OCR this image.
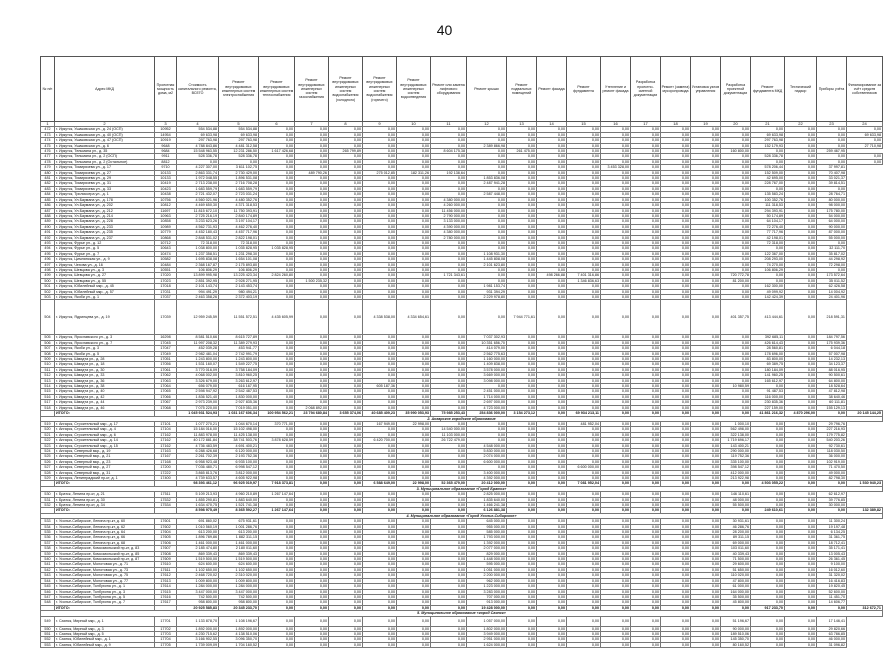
40
№ п/п	Адрес МКД	Проектная мощность дома, м2	Стоимость капитального ремонта, ВСЕГО	Ремонт внутридомовых инженерных систем электроснабжения	Ремонт внутридомовых инженерных систем теплоснабжения	Ремонт внутридомовых инженерных систем газоснабжения	Ремонт внутридомовых инженерных систем водоснабжения (холодного)	Ремонт внутридомовых инженерных систем водоснабжения (горячего)	Ремонт внутридомовых инженерных систем водоотведения	Ремонт или замена лифтового оборудования	Ремонт крыши	Ремонт подвальных помещений	Ремонт фасада	Ремонт фундамента	Утепление и ремонт фасада	Разработка проектно-сметной документации	Ремонт (замена) мусоропровода	Установка узлов управления	Разработка проектной документации	Ремонт фундамента МКД	Технический надзор	Приборы учёта	Финансирование за счёт средств собственников
1	2	3	4	5	6	7	8	9	10	11	12	13	14	15	16	17	18	19	20	21	22	23	24
472	г. Иркутск, Ушаковская ул., д. 24 (ОСП)	10952	554 534,88	554 534,88	0,00	0,00	0,00	0,00	0,00	0,00	0,00	0,00	0,00	0,00	0,00	0,00	0,00	0,00	0,00	0,00	0,00	0,00	0,00
473	г. Иркутск, Ушаковская ул., д. 40 (ОСП)	14954	69 633,98	69 633,98	0,00	0,00	0,00	0,00	0,00	0,00	0,00	0,00	0,00	0,00	0,00	0,00	0,00	0,00	0,00	69 633,98	0,00	0,00	69 633,98
474	г. Иркутск, Ушаковская ул., д. 47 (ОСП)	10919	297 763,98	297 763,98	0,00	0,00	0,00	0,00	0,00	0,00	0,00	0,00	0,00	0,00	0,00	0,00	0,00	0,00	0,00	297 763,98	0,00	0,00	0,00
475	г. Иркутск, Ушаковская ул., д. 6	9648	4 788 843,86	4 481 312,58	0,00	0,00	0,00	0,00	0,00	0,00	2 389 866,98	0,00	0,00	0,00	0,00	0,00	0,00	0,00	0,00	152 179,93	0,00	0,00	27 710,98
476	г. Иркутск, Тельмана ул., д. 35	9684	15 548 963,55	12 231 286,50	1 617 426,68	0,00	265 799,89	0,00	0,00	8 604 175,38	0,00	261 475,00	0,00	0,00	0,00	0,00	0,00	0,00	160 800,00	0,00	0,00	259 467,95	
477	г. Иркутск, Тельмана ул., д. 2 (ОСП)	9911	528 336,78	528 336,78	0,00	0,00	0,00	0,00	0,00	0,00	0,00	0,00	0,00	0,00	0,00	0,00	0,00	0,00	0,00	528 336,78	0,00	0,00	0,00
478	г. Иркутск, Тельмана ул., д. 2 (Остальное)	8812	0,00	0,00	0,00	0,00	0,00	0,00	0,00	0,00	0,00	0,00	0,00	0,00	0,00	0,00	0,00	0,00	0,00	0,00	0,00	0,00	0,00
479	г. Иркутск, Тимирязева ул., д. 17	9710	4 227 307,00	3 611 102,75	0,00	0,00	0,00	0,00	0,00	0,00	0,00	0,00	0,00	0,00	3 453 328,00	0,00	0,00	0,00	0,00	578 206,44	0,00	37 997,81	
480	г. Иркутск, Тимирязева ул., д. 27	10133	2 863 331,74	2 730 429,00	0,00	489 790,26	0,00	275 012,85	182 311,26	192 138,64	0,00	0,00	0,00	0,00	0,00	0,00	0,00	0,00	0,00	152 509,00	0,00	70 407,98	
481	г. Иркутск, Тимирязева ул., д. 29	10133	1 972 048,55	1 896 531,08	0,00	0,00	0,00	0,00	0,00	0,00	1 853 836,08	0,00	0,00	0,00	0,00	0,00	0,00	0,00	0,00	42 695,00	0,00	33 021,37	
482	г. Иркутск, Тимирязева ул., д. 31	10419	2 713 238,00	2 716 708,28	0,00	0,00	0,00	0,00	0,00	0,00	2 487 941,28	0,00	0,00	0,00	0,00	0,00	0,00	0,00	0,00	228 767,00	0,00	39 814,51	
483	г. Иркутск, Тимирязева ул., д. 33	10423	1 683 559,79	1 683 559,79	0,00	0,00	0,00	0,00	0,00	0,00	0,00	0,00	0,00	0,00	0,00	0,00	0,00	0,00	0,00	0,00	0,00	0,00	
484	г. Иркутск, Трилиссера ул., д. 1	10438	2 721 432,07	2 723 031,24	0,00	0,00	0,00	0,00	0,00	0,00	2 587 448,00	0,00	0,00	0,00	0,00	0,00	0,00	0,00	0,00	135 583,24	0,00	28 764,71	
485	г. Иркутск, Ул.Баумана ул., д. 178	10756	4 560 021,96	4 480 352,76	0,00	0,00	0,00	0,00	0,00	4 380 000,00	0,00	0,00	0,00	0,00	0,00	0,00	0,00	0,00	0,00	100 352,76	0,00	80 000,00	
486	г. Иркутск, Ул.Баумана ул., д. 202	10812	4 469 650,30	4 371 318,53	0,00	0,00	0,00	0,00	0,00	4 260 000,00	0,00	0,00	0,00	0,00	0,00	0,00	0,00	0,00	0,00	111 318,53	0,00	98 000,00	
487	г. Иркутск, Ул.Баумана ул., д. 212	11697	11 815 672,10	11 750 393,91	0,00	0,00	0,00	0,00	0,00	11 456 000,00	0,00	0,00	0,00	0,00	0,00	0,00	0,00	0,00	0,00	294 393,91	0,00	175 780,00	
488	г. Иркутск, Ул.Баумана ул., д. 214	10963	2 725 216,19	2 840 174,89	0,00	0,00	0,00	0,00	0,00	2 790 000,00	0,00	0,00	0,00	0,00	0,00	0,00	0,00	0,00	0,00	50 174,89	0,00	54 000,00	
489	г. Иркутск, Ул.Баумана ул., д. 228	10858	3 233 623,26	3 197 104,17	0,00	0,00	0,00	0,00	0,00	3 133 000,00	0,00	0,00	0,00	0,00	0,00	0,00	0,00	0,00	0,00	64 104,17	0,00	64 000,00	
490	г. Иркутск, Ул.Баумана ул., д. 233	10989	4 562 731,93	4 462 276,40	0,00	0,00	0,00	0,00	0,00	4 390 000,00	0,00	0,00	0,00	0,00	0,00	0,00	0,00	0,00	0,00	72 276,40	0,00	90 000,00	
491	г. Иркутск, Ул.Баумана ул., д. 235	10779	4 452 180,43	4 457 717,96	0,00	0,00	0,00	0,00	0,00	4 380 000,00	0,00	0,00	0,00	0,00	0,00	0,00	0,00	0,00	0,00	77 717,96	0,00	87 000,00	
492	г. Иркутск, Ул.Баумана ул., д. 237	10868	2 848 531,02	2 822 198,01	0,00	0,00	0,00	0,00	0,00	2 780 000,00	0,00	0,00	0,00	0,00	0,00	0,00	0,00	0,00	0,00	42 198,01	0,00	55 000,00	
493	г. Иркутск, Фурье ул., д. 12	10712	72 318,00	72 318,00	0,00	0,00	0,00	0,00	0,00	0,00	0,00	0,00	0,00	0,00	0,00	0,00	0,00	0,00	0,00	72 318,00	0,00	0,00	
494	г. Иркутск, Фурье ул., д. 5	10643	1 038 800,00	1 035 828,95	1 035 828,95	0,00	0,00	0,00	0,00	0,00	0,00	0,00	0,00	0,00	0,00	0,00	0,00	0,00	0,00	0,00	0,00	32 111,70	
495	г. Иркутск, Фурье ул., д. 7	10474	1 237 358,51	1 231 298,30	0,00	0,00	0,00	0,00	0,00	0,00	1 108 931,30	0,00	0,00	0,00	0,00	0,00	0,00	0,00	0,00	122 367,00	0,00	35 817,02	
496	г. Иркутск, Цимлянская ул., д. 9	10582	1 695 838,08	1 654 101,08	0,00	0,00	0,00	0,00	0,00	0,00	1 445 808,08	0,00	0,00	0,00	0,00	0,00	0,00	0,00	0,00	208 293,00	0,00	44 298,92	
497	г. Иркутск, Чехова ул., д. 16	10484	2 368 167,87	2 175 893,80	0,00	0,00	0,00	0,00	0,00	0,00	2 101 623,80	0,00	0,00	0,00	0,00	0,00	0,00	0,00	0,00	74 270,00	0,00	72 298,00	
498	г. Иркутск, Шевцова ул., д. 3	10551	106 806,29	106 806,29	0,00	0,00	0,00	0,00	0,00	0,00	0,00	0,00	0,00	0,00	0,00	0,00	0,00	0,00	0,00	106 806,29	0,00	0,00	
499	г. Иркутск, Шевцова ул., д. 27	17020	13 899 995,98	13 225 423,34	2 824 260,80	0,00	0,00	0,00	0,00	1 721 343,61	0,00	0,00	498 266,88	7 401 316,86	0,00	0,00	0,00	0,00	720 772,78	0,00	0,00	173 572,64	
500	г. Иркутск, Шевцова ул., д. 55	17023	2 851 392,95	2 928 271,95	0,00	1 500 235,32	0,00	0,00	0,00	0,00	0,00	0,00	0,00	1 346 836,63	0,00	0,00	0,00	0,00	81 200,00	0,00	0,00	35 011,52	
501	г. Иркутск, Юбилейный мкр., д. 45	17018	2 101 143,74	2 143 453,74	0,00	0,00	0,00	0,00	0,00	0,00	1 981 153,74	0,00	0,00	0,00	0,00	0,00	0,00	0,00	0,00	162 300,00	0,00	62 426,58	
502	г. Иркутск, Юбилейный мкр., д. 57	17031	994 491,29	980 494,21	0,00	0,00	0,00	0,00	0,00	0,00	931 394,29	0,00	0,00	0,00	0,00	0,00	0,00	0,00	0,00	49 099,92	0,00	14 004,92	
503	г. Иркутск, Якоби ул., д. 1	17037	2 463 358,26	2 372 403,19	0,00	0,00	0,00	0,00	0,00	0,00	2 229 978,80	0,00	0,00	0,00	0,00	0,00	0,00	0,00	0,00	142 424,39	0,00	24 401,96	
504	г. Иркутск, Ядринцева ул., д. 19	17039	12 959 245,59	11 551 572,51	4 435 605,99	0,00	0,00	4 338 538,00	4 334 654,61	0,00	0,00	7 944 771,61	0,00	0,00	0,00	0,00	0,00	0,00	401 357,75	413 444,61	0,00	218 591,31	
505	г. Иркутск, Ярославского ул., д. 3	16298	8 581 510,66	8 615 727,89	0,00	0,00	0,00	0,00	0,00	0,00	7 037 302,93	0,00	0,00	0,00	0,00	0,00	0,00	0,00	0,00	392 685,11	0,00	184 797,56	
506	г. Иркутск, Ярославского ул., д. 7	17045	11 997 208,32	11 389 279,93	0,00	0,00	0,00	0,00	0,00	0,00	10 351 656,70	0,00	0,00	0,00	0,00	0,00	0,00	0,00	0,00	426 614,43	0,00	175 939,36	
507	г. Иркутск, Якоби ул., д. 3	17047	452 039,28	453 941,77	0,00	0,00	0,00	0,00	0,00	0,00	414 079,00	0,00	0,00	0,00	0,00	0,00	0,00	0,00	0,00	28 560,81	0,00	6 044,18	
508	г. Иркутск, Якоби ул., д. 5	17049	2 982 481,04	2 742 991,79	0,00	0,00	0,00	0,00	0,00	0,00	2 562 775,63	0,00	0,00	0,00	0,00	0,00	0,00	0,00	0,00	178 696,00	0,00	57 007,98	
509	г. Иркутск, Шмидта ул., д. 28	17051	1 243 800,00	1 243 800,00	0,00	0,00	0,00	0,00	0,00	0,00	1 160 000,00	0,00	0,00	0,00	0,00	0,00	0,00	0,00	0,00	83 800,00	0,00	14 232,13	
510	г. Иркутск, Шмидта ул., д. 18	17056	1 531 160,07	1 549 227,75	0,00	0,00	0,00	0,00	0,00	0,00	1 409 838,00	0,00	0,00	0,00	0,00	0,00	0,00	0,00	0,00	69 389,75	0,00	34 123,37	
511	г. Иркутск, Шмидта ул., д. 30	17061	3 770 016,09	3 758 184,09	0,00	0,00	0,00	0,00	0,00	0,00	3 578 000,00	0,00	0,00	0,00	0,00	0,00	0,00	0,00	0,00	180 184,09	0,00	88 016,95	
512	г. Иркутск, Шмидта ул., д. 33	17062	4 068 002,00	3 810 960,25	0,00	0,00	0,00	0,00	0,00	0,00	3 669 000,00	0,00	0,00	0,00	0,00	0,00	0,00	0,00	0,00	141 960,25	0,00	90 500,61	
513	г. Иркутск, Шмидта ул., д. 36	17063	3 326 679,00	3 263 612,97	0,00	0,00	0,00	0,00	0,00	0,00	3 098 000,00	0,00	0,00	0,00	0,00	0,00	0,00	0,00	0,00	165 612,97	0,00	64 800,00	
514	г. Иркутск, Шмидта ул., д. 38	17064	656 079,00	616 167,95	0,00	0,00	0,00	605 187,36	0,00	0,00	0,00	0,00	0,00	0,00	0,00	0,00	0,00	0,00	10 980,59	0,00	0,00	18 528,64	
515	г. Иркутск, Шмидта ул., д. 40	17065	2 598 947,92	2 542 487,53	0,00	0,00	0,00	0,00	0,00	0,00	2 451 000,00	0,00	0,00	0,00	0,00	0,00	0,00	0,00	0,00	91 487,53	0,00	47 812,98	
516	г. Иркутск, Шмидта ул., д. 42	17066	1 836 521,40	1 830 000,00	0,00	0,00	0,00	0,00	0,00	0,00	1 714 000,00	0,00	0,00	0,00	0,00	0,00	0,00	0,00	0,00	116 000,00	0,00	38 640,46	
517	г. Иркутск, Шмидта ул., д. 44	17067	2 973 239,00	2 927 835,36	0,00	0,00	0,00	0,00	0,00	0,00	2 697 000,00	0,00	0,00	0,00	0,00	0,00	0,00	0,00	0,00	230 835,36	0,00	60 111,81	
518	г. Иркутск, Шмидта ул., д. 46	17068	7 075 220,00	7 019 051,00	0,00	2 068 892,00	0,00	0,00	0,00	0,00	4 723 000,00	0,00	0,00	0,00	0,00	0,00	0,00	0,00	0,00	227 159,00	0,00	155 129,13	
	ИТОГО:		1 045 931 524,93	1 031 167 606,34	100 954 562,21	23 794 680,84	3 655 374,06	40 685 409,23	35 990 053,93	75 985 253,43	254 836 000,00	3 154 273,12	0,00	69 934 213,11	0,00	0,00	0,00	0,00	0,00	41 861 216,32	4 870 296,00	0,00	20 145 144,25
2. Ангарское городское образование																							
519	г. Ангарск, Строительный мкр., д. 17	17101	1 077 270,21	1 044 670,14	370 771,00	0,00	0,00	167 949,00	22 998,00	0,00	0,00	0,00	0,00	481 952,04	0,00	0,00	0,00	0,00	1 000,10	0,00	0,00	29 796,76	
520	г. Ангарск, Строительный мкр., д. 4	17104	15 184 016,00	15 102 498,00	0,00	0,00	0,00	0,00	0,00	14 540 000,00	0,00	0,00	0,00	0,00	0,00	0,00	0,00	0,00	562 498,00	0,00	0,00	227 216,93	
521	г. Ангарск, Строительный мкр., д. 6	17162	11 883 978,00	11 425 138,00	0,00	0,00	0,00	0,00	0,00	11 103 000,00	0,00	0,00	0,00	0,00	0,00	0,00	0,00	0,00	322 138,00	0,00	0,00	179 775,82	
522	г. Ангарск, Строительный мкр., д. 14	17162	40 172 881,84	38 741 503,76	3 878 628,59	0,00	0,00	6 420 700,00	0,00	26 722 479,00	0,00	0,00	0,00	0,00	0,00	0,00	0,00	0,00	1 719 696,17	0,00	0,00	540 203,26	
523	г. Ангарск, Строительный мкр., д. 15	17162	4 736 483,59	4 691 400,21	0,00	0,00	0,00	0,00	0,00	0,00	4 548 000,00	0,00	0,00	0,00	0,00	0,00	0,00	0,00	143 400,21	0,00	0,00	92 730,61	
524	г. Ангарск, Северный мкр., д. 19	17163	6 288 426,68	6 120 000,00	0,00	0,00	0,00	0,00	0,00	0,00	5 830 000,00	0,00	0,00	0,00	0,00	0,00	0,00	0,00	290 000,00	0,00	0,00	118 030,50	
525	г. Ангарск, Северный мкр., д. 21	17167	2 261 702,39	2 193 752,36	0,00	0,00	0,00	0,00	0,00	0,00	2 074 000,00	0,00	0,00	0,00	0,00	0,00	0,00	0,00	119 752,36	0,00	0,00	36 000,00	
526	г. Ангарск, Северный мкр., д. 23	17168	6 958 923,48	6 935 100,00	0,00	0,00	0,00	0,00	0,00	0,00	6 600 000,00	0,00	0,00	0,00	0,00	0,00	0,00	0,00	335 100,00	0,00	0,00	102 919,00	
527	г. Ангарск, Северный мкр., д. 27	17200	7 036 480,71	6 998 547,12	0,00	0,00	0,00	0,00	0,00	0,00	0,00	0,00	0,00	6 600 000,00	0,00	0,00	0,00	0,00	398 547,12	0,00	0,00	71 470,50	
528	г. Ангарск, Северный мкр., д. 31	17222	3 865 813,76	3 812 000,00	0,00	0,00	0,00	0,00	0,00	0,00	3 400 000,00	0,00	0,00	0,00	0,00	0,00	0,00	0,00	412 000,00	0,00	0,00	49 000,00	
529	г. Ангарск, Ленинградский пр-кт, д. 1	17400	4 739 633,57	4 605 922,98	0,00	0,00	0,00	0,00	0,00	0,00	4 392 000,00	0,00	0,00	0,00	0,00	0,00	0,00	0,00	213 922,98	0,00	0,00	82 798,30	
	ИТОГО:		98 393 461,12	96 925 019,97	7 918 373,81	0,00	0,00	6 588 649,00	22 998,00	52 365 479,00	20 412 000,00	0,00	0,00	7 081 952,04	0,00	0,00	0,00	0,00	0,00	4 503 055,22	0,00	0,00	1 530 940,23
3. Муниципальное образование «Город Братск»																							
530	г. Братск, Ленина пр-кт, д. 21	17511	5 109 213,93	4 960 210,89	1 267 147,64	0,00	0,00	0,00	0,00	0,00	2 825 000,00	0,00	0,00	0,00	0,00	0,00	0,00	0,00	146 110,61	0,00	0,00	62 612,97	
531	г. Братск, Ленина пр-кт, д. 30	17532	1 855 290,81	1 883 640,00	0,00	0,00	0,00	0,00	0,00	0,00	1 835 640,00	0,00	0,00	0,00	0,00	0,00	0,00	0,00	48 000,00	0,00	0,00	39 776,85	
532	г. Братск, Ленина пр-кт, д. 34	17534	1 634 470,75	1 521 741,38	0,00	0,00	0,00	0,00	0,00	0,00	1 466 241,38	0,00	0,00	0,00	0,00	0,00	0,00	0,00	55 500,00	0,00	0,00	30 000,00	
	ИТОГО:		8 598 975,49	8 365 592,27	1 267 147,64	0,00	0,00	0,00	0,00	0,00	6 126 881,38	0,00	0,00	0,00	0,00	0,00	0,00	0,00	0,00	249 610,61	0,00	0,00	132 389,82
4. Муниципальное образование «Город Усолье-Сибирское»																							
533	г. Усолье-Сибирское, Ленина пр-кт, д. 60	17601	691 860,02	675 931,61	0,00	0,00	0,00	0,00	0,00	0,00	645 000,00	0,00	0,00	0,00	0,00	0,00	0,00	0,00	30 931,61	0,00	0,00	11 300,24	
534	г. Усолье-Сибирское, Ленина пр-кт, д. 62	17602	1 010 560,19	1 001 286,76	0,00	0,00	0,00	0,00	0,00	0,00	955 000,00	0,00	0,00	0,00	0,00	0,00	0,00	0,00	46 286,76	0,00	0,00	19 197,48	
535	г. Усолье-Сибирское, Ленина пр-кт, д. 64	17604	613 200,00	613 200,00	0,00	0,00	0,00	0,00	0,00	0,00	585 000,00	0,00	0,00	0,00	0,00	0,00	0,00	0,00	28 200,00	0,00	0,00	6 134,25	
536	г. Усолье-Сибирское, Ленина пр-кт, д. 66	17605	1 896 789,86	1 882 311,15	0,00	0,00	0,00	0,00	0,00	0,00	1 793 000,00	0,00	0,00	0,00	0,00	0,00	0,00	0,00	89 311,15	0,00	0,00	31 361,75	
537	г. Усолье-Сибирское, Ленина пр-кт, д. 68	17606	1 461 000,00	1 461 000,00	0,00	0,00	0,00	0,00	0,00	0,00	1 392 000,00	0,00	0,00	0,00	0,00	0,00	0,00	0,00	69 000,00	0,00	0,00	18 712,41	
538	г. Усолье-Сибирское, Комсомольский пр-кт, д. 83	17607	2 185 474,80	2 180 011,60	0,00	0,00	0,00	0,00	0,00	0,00	2 077 000,00	0,00	0,00	0,00	0,00	0,00	0,00	0,00	103 011,60	0,00	0,00	35 171,41	
539	г. Усолье-Сибирское, Комсомольский пр-кт, д. 85	17608	869 339,43	869 339,43	0,00	0,00	0,00	0,00	0,00	0,00	829 000,00	0,00	0,00	0,00	0,00	0,00	0,00	0,00	40 339,43	0,00	0,00	13 005,43	
540	г. Усолье-Сибирское, Комсомольский пр-кт, д. 87	17609	1 519 500,00	1 519 500,00	0,00	0,00	0,00	0,00	0,00	0,00	1 448 000,00	0,00	0,00	0,00	0,00	0,00	0,00	0,00	71 500,00	0,00	0,00	26 361,45	
541	г. Усолье-Сибирское, Молотовая ул., д. 71	17610	624 600,00	624 600,00	0,00	0,00	0,00	0,00	0,00	0,00	595 000,00	0,00	0,00	0,00	0,00	0,00	0,00	0,00	29 600,00	0,00	0,00	9 100,00	
542	г. Усолье-Сибирское, Молотовая ул., д. 73	17611	1 102 650,00	1 102 650,00	0,00	0,00	0,00	0,00	0,00	0,00	1 051 000,00	0,00	0,00	0,00	0,00	0,00	0,00	0,00	51 650,00	0,00	0,00	16 012,60	
543	г. Усолье-Сибирское, Молотовая ул., д. 75	17612	2 468 720,02	2 310 020,00	0,00	0,00	0,00	0,00	0,00	0,00	2 200 000,00	0,00	0,00	0,00	0,00	0,00	0,00	0,00	110 020,00	0,00	0,00	31 320,02	
544	г. Усолье-Сибирское, Молотовая ул., д. 77	17613	1 009 800,00	1 009 800,00	0,00	0,00	0,00	0,00	0,00	0,00	962 000,00	0,00	0,00	0,00	0,00	0,00	0,00	0,00	47 800,00	0,00	0,00	16 416,83	
545	г. Усолье-Сибирское, Толбухина ул., д. 1	17614	1 284 000,00	1 284 000,00	0,00	0,00	0,00	0,00	0,00	0,00	1 223 000,00	0,00	0,00	0,00	0,00	0,00	0,00	0,00	61 000,00	0,00	0,00	19 820,45	
546	г. Усолье-Сибирское, Толбухина ул., д. 3	17615	3 447 000,00	3 447 000,00	0,00	0,00	0,00	0,00	0,00	0,00	3 283 000,00	0,00	0,00	0,00	0,00	0,00	0,00	0,00	164 000,00	0,00	0,00	52 600,00	
547	г. Усолье-Сибирское, Толбухина ул., д. 5	17616	742 500,00	742 500,00	0,00	0,00	0,00	0,00	0,00	0,00	707 000,00	0,00	0,00	0,00	0,00	0,00	0,00	0,00	35 500,00	0,00	0,00	11 451,70	
548	г. Усолье-Сибирское, Толбухина ул., д. 7	17617	958 800,00	958 800,00	0,00	0,00	0,00	0,00	0,00	0,00	913 000,00	0,00	0,00	0,00	0,00	0,00	0,00	0,00	45 800,00	0,00	0,00	14 606,77	
	ИТОГО:		20 925 585,83	20 345 233,70	0,00	0,00	0,00	0,00	0,00	0,00	19 428 000,00	0,00	0,00	0,00	0,00	0,00	0,00	0,00	0,00	917 233,70	0,00	0,00	312 672,71
5. Муниципальное образование «город Саянск»																							
549	г. Саянск, Мирный мкр., д. 1	17701	1 133 878,70	1 108 196,67	0,00	0,00	0,00	0,00	0,00	0,00	1 057 000,00	0,00	0,00	0,00	0,00	0,00	0,00	0,00	51 196,67	0,00	0,00	17 146,41	
550	г. Саянск, Мирный мкр., д. 3	17702	1 892 000,00	1 892 000,00	0,00	0,00	0,00	0,00	0,00	0,00	1 802 000,00	0,00	0,00	0,00	0,00	0,00	0,00	0,00	90 000,00	0,00	0,00	29 820,66	
551	г. Саянск, Мирный мкр., д. 5	17703	4 230 715,62	4 138 510,06	0,00	0,00	0,00	0,00	0,00	0,00	3 949 000,00	0,00	0,00	0,00	0,00	0,00	0,00	0,00	189 510,06	0,00	0,00	63 786,85	
552	г. Саянск, Юбилейный мкр., д. 1	17704	3 166 902,55	3 096 350,70	0,00	0,00	0,00	0,00	0,00	0,00	2 951 000,00	0,00	0,00	0,00	0,00	0,00	0,00	0,00	145 350,70	0,00	0,00	46 000,00	
553	г. Саянск, Юбилейный мкр., д. 9	17705	1 739 009,09	1 704 160,52	0,00	0,00	0,00	0,00	0,00	0,00	1 624 000,00	0,00	0,00	0,00	0,00	0,00	0,00	0,00	80 160,52	0,00	0,00	31 096,82	
